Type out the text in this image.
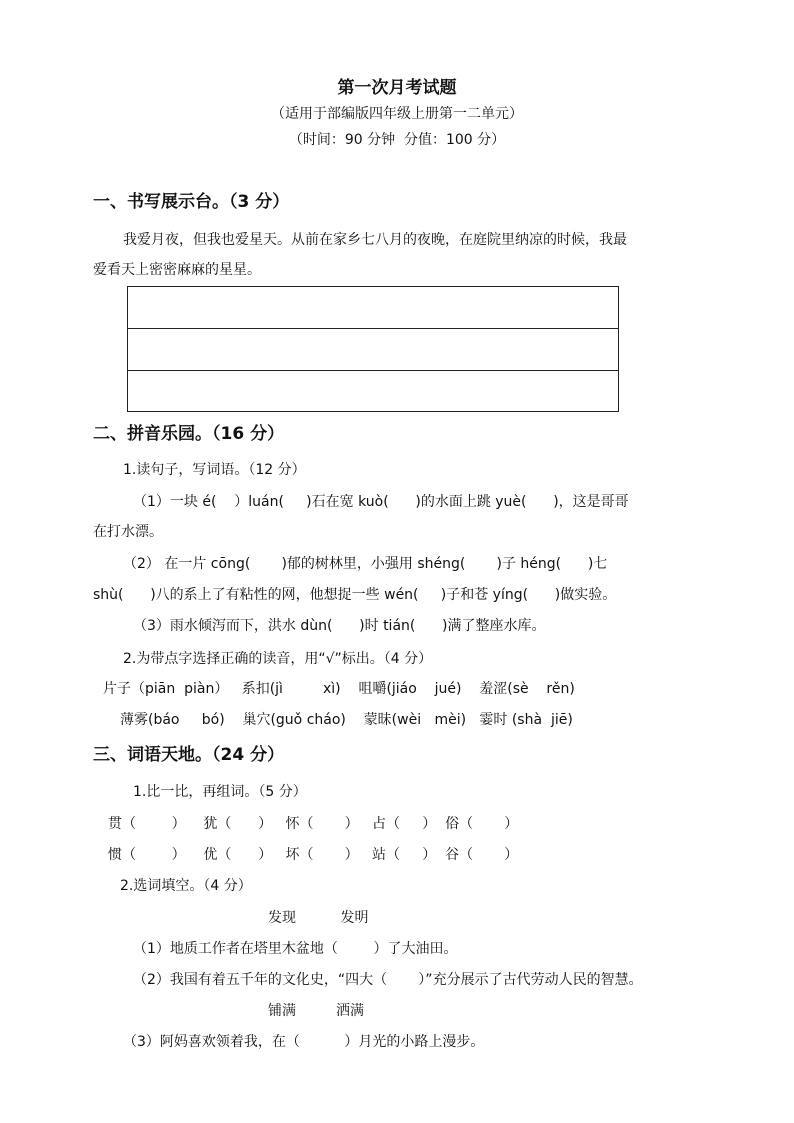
第一次月考试题
（适用于部编版四年级上册第一二单元）
（时间：90 分钟  分值：100 分）
一、书写展示台。（3 分）
我爱月夜，但我也爱星天。从前在家乡七八月的夜晚，在庭院里纳凉的时候，我最
爱看天上密密麻麻的星星。
二、拼音乐园。（16 分）
1.读句子，写词语。（12 分）
（1）一块 é(    ）luán(     )石在宽 kuò(      )的水面上跳 yuè(      )，这是哥哥
在打水漂。
（2） 在一片 cōng(       )郁的树林里，小强用 shéng(       )子 héng(      )七
shù(      )八的系上了有粘性的网，他想捉一些 wén(     )子和苍 yíng(      )做实验。
（3）雨水倾泻而下，洪水 dùn(      )时 tián(      )满了整座水库。
2.为带点字选择正确的读音，用“√”标出。（4 分）
片子（piān  piàn）   系扣(jì         xì)    咀嚼(jiáo    jué)    羞涩(sè    rěn)
薄雾(báo     bó)    巢穴(guǒ cháo)    蒙昧(wèi   mèi)   霎时 (shà  jiē)
三、词语天地。（24 分）
1.比一比，再组词。（5 分）
贯（        ）    犹（      ）   怀（       ）   占（     ）  俗（       ）
惯（        ）    优（      ）   坏（       ）   站（     ）  谷（       ）
2.选词填空。（4 分）
发现          发明
（1）地质工作者在塔里木盆地（        ）了大油田。
（2）我国有着五千年的文化史，“四大（       ）”充分展示了古代劳动人民的智慧。
铺满         洒满
（3）阿妈喜欢领着我，在（          ）月光的小路上漫步。
